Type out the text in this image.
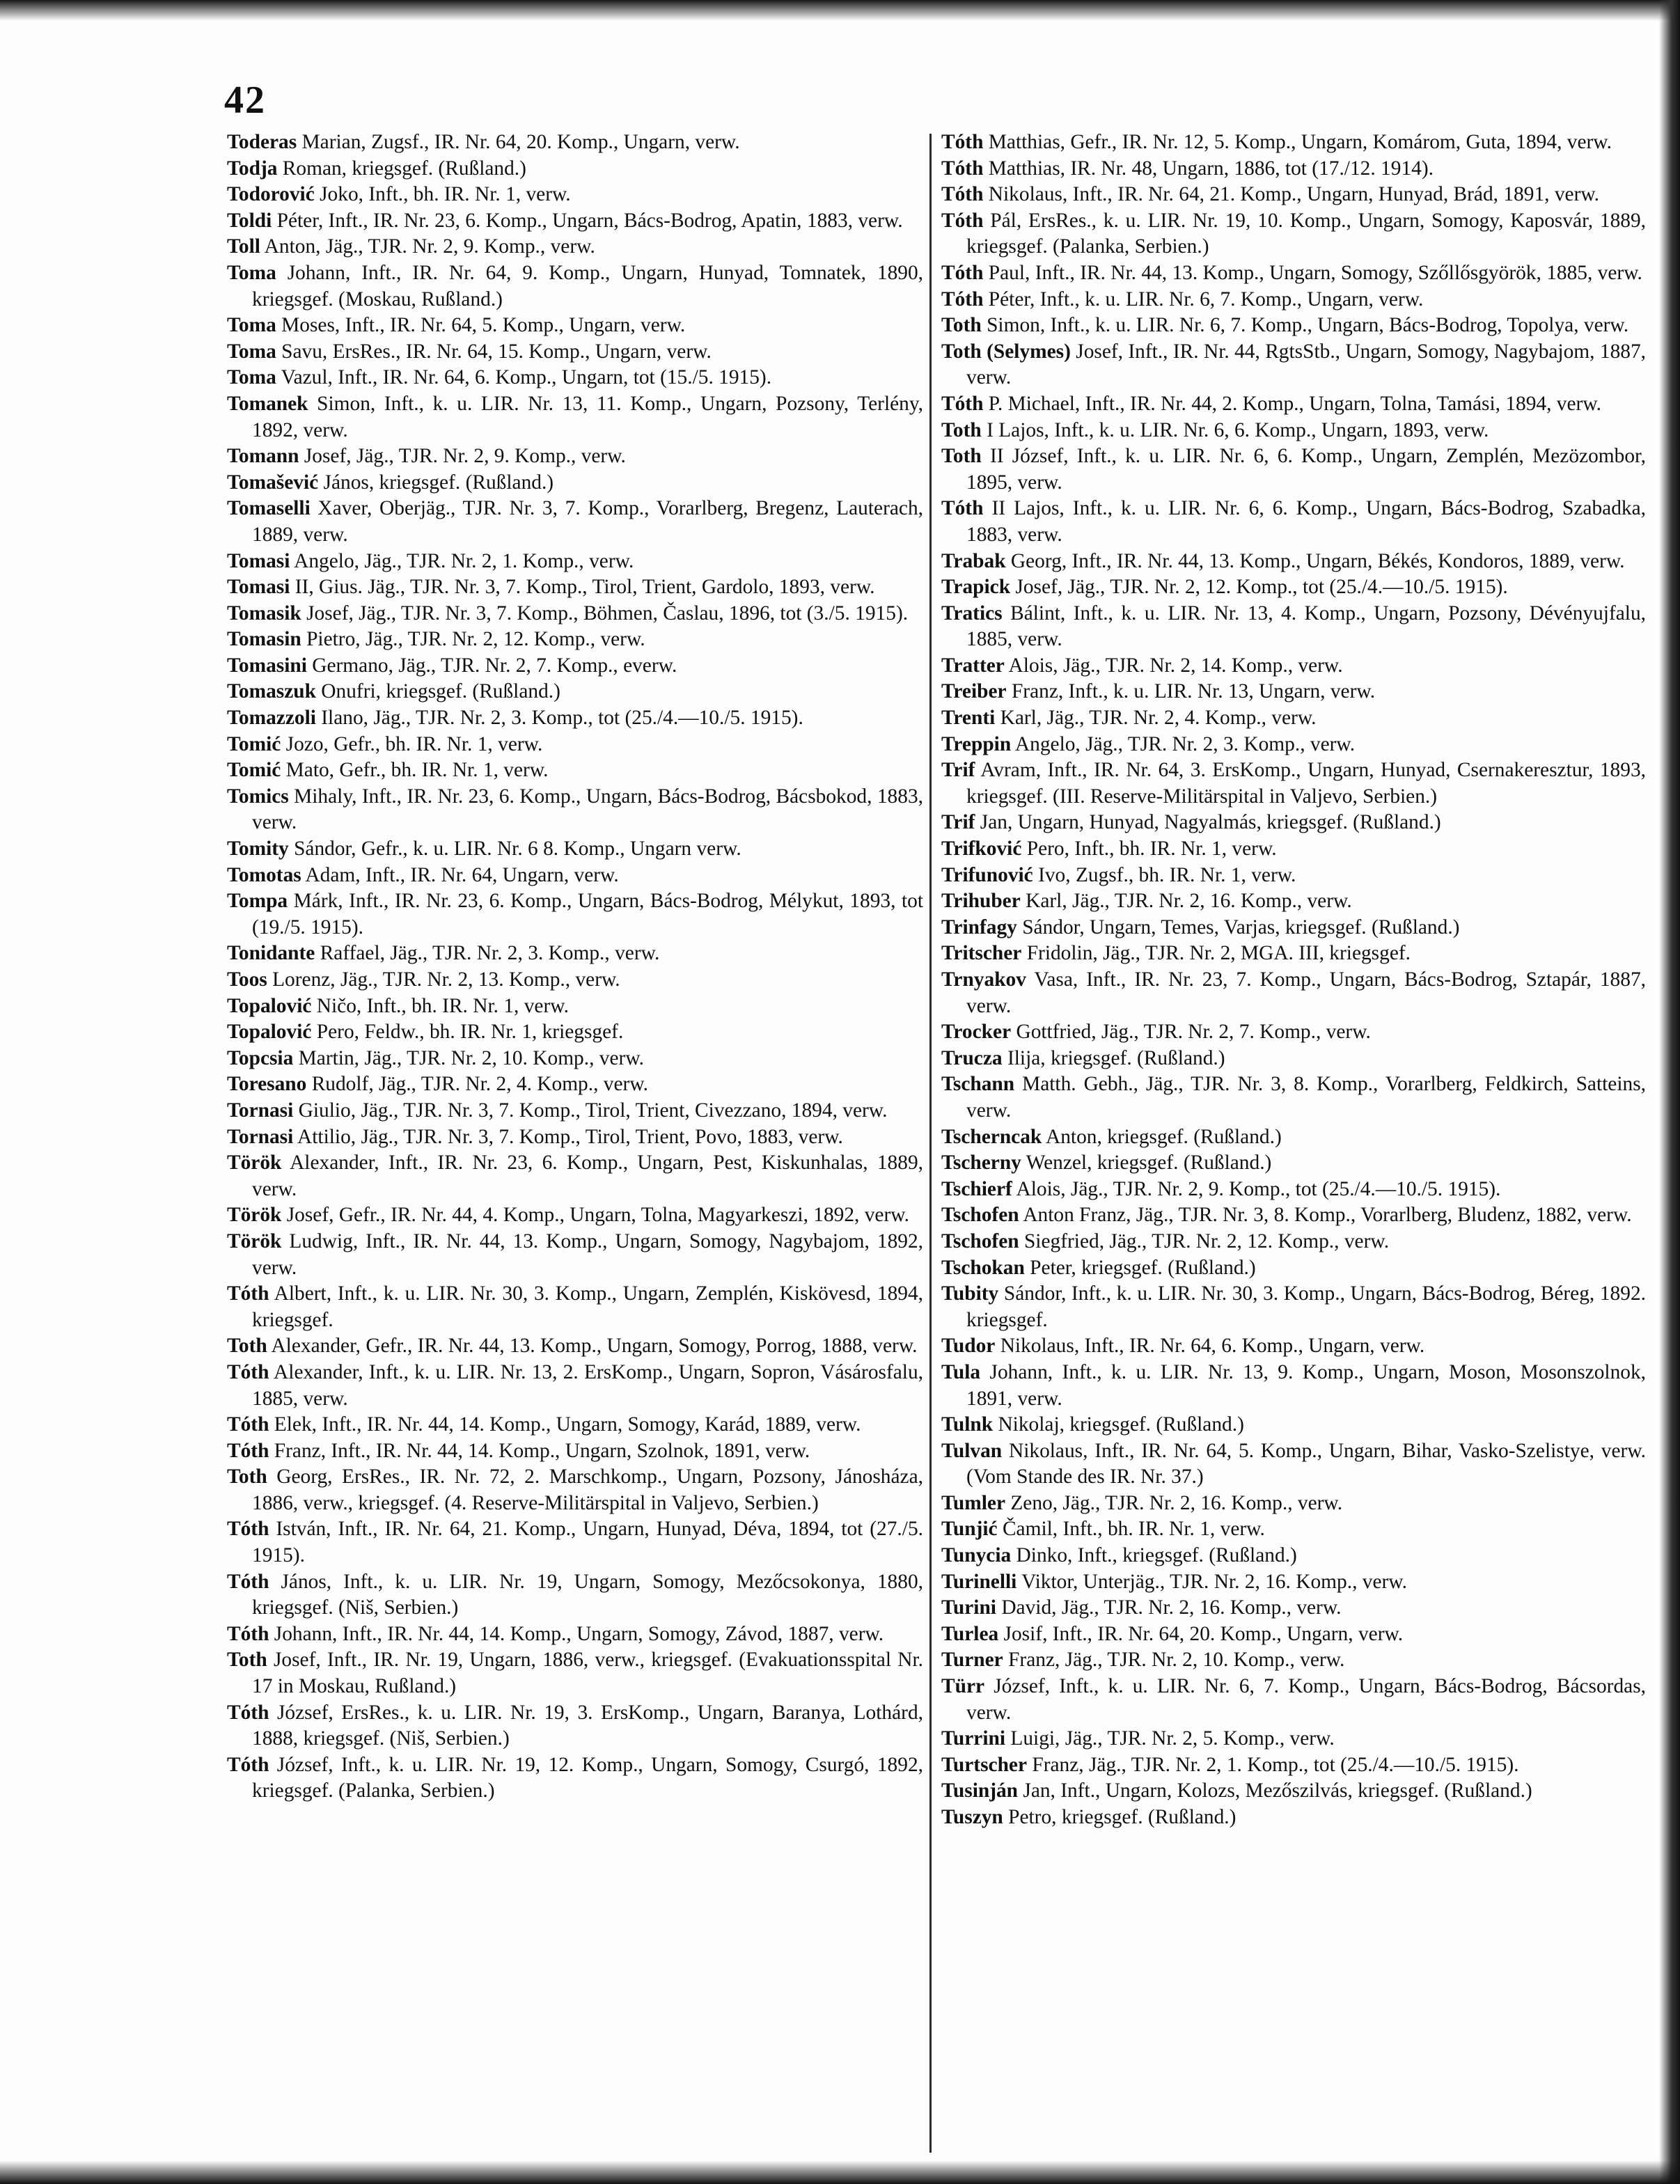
42

Toderas Marian, Zugsf., IR. Nr. 64, 20. Komp., Ungarn, verw.

Todja Roman, kriegsgef. (Rußland.)

Todorović Joko, Inft., bh. IR. Nr. 1, verw.

Toldi Péter, Inft., IR. Nr. 23, 6. Komp., Ungarn, Bács-Bodrog, Apatin, 1883, verw.

Toll Anton, Jäg., TJR. Nr. 2, 9. Komp., verw.

Toma Johann, Inft., IR. Nr. 64, 9. Komp., Ungarn, Hunyad, Tomnatek, 1890, kriegsgef. (Moskau, Rußland.)

Toma Moses, Inft., IR. Nr. 64, 5. Komp., Ungarn, verw.

Toma Savu, ErsRes., IR. Nr. 64, 15. Komp., Ungarn, verw.

Toma Vazul, Inft., IR. Nr. 64, 6. Komp., Ungarn, tot (15./5. 1915).

Tomanek Simon, Inft., k. u. LIR. Nr. 13, 11. Komp., Ungarn, Pozsony, Terlény, 1892, verw.

Tomann Josef, Jäg., TJR. Nr. 2, 9. Komp., verw.

Tomašević János, kriegsgef. (Rußland.)

Tomaselli Xaver, Oberjäg., TJR. Nr. 3, 7. Komp., Vorarlberg, Bregenz, Lauterach, 1889, verw.

Tomasi Angelo, Jäg., TJR. Nr. 2, 1. Komp., verw.

Tomasi II, Gius. Jäg., TJR. Nr. 3, 7. Komp., Tirol, Trient, Gardolo, 1893, verw.

Tomasik Josef, Jäg., TJR. Nr. 3, 7. Komp., Böhmen, Časlau, 1896, tot (3./5. 1915).

Tomasin Pietro, Jäg., TJR. Nr. 2, 12. Komp., verw.

Tomasini Germano, Jäg., TJR. Nr. 2, 7. Komp., everw.

Tomaszuk Onufri, kriegsgef. (Rußland.)

Tomazzoli Ilano, Jäg., TJR. Nr. 2, 3. Komp., tot (25./4.—10./5. 1915).

Tomić Jozo, Gefr., bh. IR. Nr. 1, verw.

Tomić Mato, Gefr., bh. IR. Nr. 1, verw.

Tomics Mihaly, Inft., IR. Nr. 23, 6. Komp., Ungarn, Bács-Bodrog, Bácsbokod, 1883, verw.

Tomity Sándor, Gefr., k. u. LIR. Nr. 6 8. Komp., Ungarn verw.

Tomotas Adam, Inft., IR. Nr. 64, Ungarn, verw.

Tompa Márk, Inft., IR. Nr. 23, 6. Komp., Ungarn, Bács-Bodrog, Mélykut, 1893, tot (19./5. 1915).

Tonidante Raffael, Jäg., TJR. Nr. 2, 3. Komp., verw.

Toos Lorenz, Jäg., TJR. Nr. 2, 13. Komp., verw.

Topalović Ničo, Inft., bh. IR. Nr. 1, verw.

Topalović Pero, Feldw., bh. IR. Nr. 1, kriegsgef.

Topcsia Martin, Jäg., TJR. Nr. 2, 10. Komp., verw.

Toresano Rudolf, Jäg., TJR. Nr. 2, 4. Komp., verw.

Tornasi Giulio, Jäg., TJR. Nr. 3, 7. Komp., Tirol, Trient, Civezzano, 1894, verw.

Tornasi Attilio, Jäg., TJR. Nr. 3, 7. Komp., Tirol, Trient, Povo, 1883, verw.

Török Alexander, Inft., IR. Nr. 23, 6. Komp., Ungarn, Pest, Kiskunhalas, 1889, verw.

Török Josef, Gefr., IR. Nr. 44, 4. Komp., Ungarn, Tolna, Magyarkeszi, 1892, verw.

Török Ludwig, Inft., IR. Nr. 44, 13. Komp., Ungarn, Somogy, Nagybajom, 1892, verw.

Tóth Albert, Inft., k. u. LIR. Nr. 30, 3. Komp., Ungarn, Zemplén, Kiskövesd, 1894, kriegsgef.

Toth Alexander, Gefr., IR. Nr. 44, 13. Komp., Ungarn, Somogy, Porrog, 1888, verw.

Tóth Alexander, Inft., k. u. LIR. Nr. 13, 2. ErsKomp., Ungarn, Sopron, Vásárosfalu, 1885, verw.

Tóth Elek, Inft., IR. Nr. 44, 14. Komp., Ungarn, Somogy, Karád, 1889, verw.

Tóth Franz, Inft., IR. Nr. 44, 14. Komp., Ungarn, Szolnok, 1891, verw.

Toth Georg, ErsRes., IR. Nr. 72, 2. Marschkomp., Ungarn, Pozsony, Jánosháza, 1886, verw., kriegsgef. (4. Reserve-Militärspital in Valjevo, Serbien.)

Tóth István, Inft., IR. Nr. 64, 21. Komp., Ungarn, Hunyad, Déva, 1894, tot (27./5. 1915).

Tóth János, Inft., k. u. LIR. Nr. 19, Ungarn, Somogy, Mezőcsokonya, 1880, kriegsgef. (Niš, Serbien.)

Tóth Johann, Inft., IR. Nr. 44, 14. Komp., Ungarn, Somogy, Závod, 1887, verw.

Toth Josef, Inft., IR. Nr. 19, Ungarn, 1886, verw., kriegsgef. (Evakuationsspital Nr. 17 in Moskau, Rußland.)

Tóth József, ErsRes., k. u. LIR. Nr. 19, 3. ErsKomp., Ungarn, Baranya, Lothárd, 1888, kriegsgef. (Niš, Serbien.)

Tóth József, Inft., k. u. LIR. Nr. 19, 12. Komp., Ungarn, Somogy, Csurgó, 1892, kriegsgef. (Palanka, Serbien.)

Tóth Matthias, Gefr., IR. Nr. 12, 5. Komp., Ungarn, Komárom, Guta, 1894, verw.

Tóth Matthias, IR. Nr. 48, Ungarn, 1886, tot (17./12. 1914).

Tóth Nikolaus, Inft., IR. Nr. 64, 21. Komp., Ungarn, Hunyad, Brád, 1891, verw.

Tóth Pál, ErsRes., k. u. LIR. Nr. 19, 10. Komp., Ungarn, Somogy, Kaposvár, 1889, kriegsgef. (Palanka, Serbien.)

Tóth Paul, Inft., IR. Nr. 44, 13. Komp., Ungarn, Somogy, Szőllősgyörök, 1885, verw.

Tóth Péter, Inft., k. u. LIR. Nr. 6, 7. Komp., Ungarn, verw.

Toth Simon, Inft., k. u. LIR. Nr. 6, 7. Komp., Ungarn, Bács-Bodrog, Topolya, verw.

Toth (Selymes) Josef, Inft., IR. Nr. 44, RgtsStb., Ungarn, Somogy, Nagybajom, 1887, verw.

Tóth P. Michael, Inft., IR. Nr. 44, 2. Komp., Ungarn, Tolna, Tamási, 1894, verw.

Toth I Lajos, Inft., k. u. LIR. Nr. 6, 6. Komp., Ungarn, 1893, verw.

Toth II József, Inft., k. u. LIR. Nr. 6, 6. Komp., Ungarn, Zemplén, Mezözombor, 1895, verw.

Tóth II Lajos, Inft., k. u. LIR. Nr. 6, 6. Komp., Ungarn, Bács-Bodrog, Szabadka, 1883, verw.

Trabak Georg, Inft., IR. Nr. 44, 13. Komp., Ungarn, Békés, Kondoros, 1889, verw.

Trapick Josef, Jäg., TJR. Nr. 2, 12. Komp., tot (25./4.—10./5. 1915).

Tratics Bálint, Inft., k. u. LIR. Nr. 13, 4. Komp., Ungarn, Pozsony, Dévényujfalu, 1885, verw.

Tratter Alois, Jäg., TJR. Nr. 2, 14. Komp., verw.

Treiber Franz, Inft., k. u. LIR. Nr. 13, Ungarn, verw.

Trenti Karl, Jäg., TJR. Nr. 2, 4. Komp., verw.

Treppin Angelo, Jäg., TJR. Nr. 2, 3. Komp., verw.

Trif Avram, Inft., IR. Nr. 64, 3. ErsKomp., Ungarn, Hunyad, Csernakeresztur, 1893, kriegsgef. (III. Reserve-Militärspital in Valjevo, Serbien.)

Trif Jan, Ungarn, Hunyad, Nagyalmás, kriegsgef. (Rußland.)

Trifković Pero, Inft., bh. IR. Nr. 1, verw.

Trifunović Ivo, Zugsf., bh. IR. Nr. 1, verw.

Trihuber Karl, Jäg., TJR. Nr. 2, 16. Komp., verw.

Trinfagy Sándor, Ungarn, Temes, Varjas, kriegsgef. (Rußland.)

Tritscher Fridolin, Jäg., TJR. Nr. 2, MGA. III, kriegsgef.

Trnyakov Vasa, Inft., IR. Nr. 23, 7. Komp., Ungarn, Bács-Bodrog, Sztapár, 1887, verw.

Trocker Gottfried, Jäg., TJR. Nr. 2, 7. Komp., verw.

Trucza Ilija, kriegsgef. (Rußland.)

Tschann Matth. Gebh., Jäg., TJR. Nr. 3, 8. Komp., Vorarlberg, Feldkirch, Satteins, verw.

Tscherncak Anton, kriegsgef. (Rußland.)

Tscherny Wenzel, kriegsgef. (Rußland.)

Tschierf Alois, Jäg., TJR. Nr. 2, 9. Komp., tot (25./4.—10./5. 1915).

Tschofen Anton Franz, Jäg., TJR. Nr. 3, 8. Komp., Vorarlberg, Bludenz, 1882, verw.

Tschofen Siegfried, Jäg., TJR. Nr. 2, 12. Komp., verw.

Tschokan Peter, kriegsgef. (Rußland.)

Tubity Sándor, Inft., k. u. LIR. Nr. 30, 3. Komp., Ungarn, Bács-Bodrog, Béreg, 1892. kriegsgef.

Tudor Nikolaus, Inft., IR. Nr. 64, 6. Komp., Ungarn, verw.

Tula Johann, Inft., k. u. LIR. Nr. 13, 9. Komp., Ungarn, Moson, Mosonszolnok, 1891, verw.

Tulnk Nikolaj, kriegsgef. (Rußland.)

Tulvan Nikolaus, Inft., IR. Nr. 64, 5. Komp., Ungarn, Bihar, Vasko-Szelistye, verw. (Vom Stande des IR. Nr. 37.)

Tumler Zeno, Jäg., TJR. Nr. 2, 16. Komp., verw.

Tunjić Čamil, Inft., bh. IR. Nr. 1, verw.

Tunycia Dinko, Inft., kriegsgef. (Rußland.)

Turinelli Viktor, Unterjäg., TJR. Nr. 2, 16. Komp., verw.

Turini David, Jäg., TJR. Nr. 2, 16. Komp., verw.

Turlea Josif, Inft., IR. Nr. 64, 20. Komp., Ungarn, verw.

Turner Franz, Jäg., TJR. Nr. 2, 10. Komp., verw.

Türr József, Inft., k. u. LIR. Nr. 6, 7. Komp., Ungarn, Bács-Bodrog, Bácsordas, verw.

Turrini Luigi, Jäg., TJR. Nr. 2, 5. Komp., verw.

Turtscher Franz, Jäg., TJR. Nr. 2, 1. Komp., tot (25./4.—10./5. 1915).

Tusinján Jan, Inft., Ungarn, Kolozs, Mezőszilvás, kriegsgef. (Rußland.)

Tuszyn Petro, kriegsgef. (Rußland.)
